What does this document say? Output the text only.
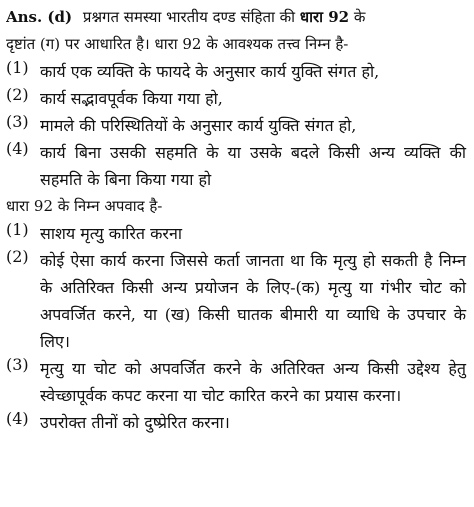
Ans. (d) प्रश्नगत समस्या भारतीय दण्ड संहिता की धारा 92 के
दृष्टांत (ग) पर आधारित है। धारा 92 के आवश्यक तत्त्व निम्न है-
(1) कार्य एक व्यक्ति के फायदे के अनुसार कार्य युक्ति संगत हो,
(2) कार्य सद्भावपूर्वक किया गया हो,
(3) मामले की परिस्थितियों के अनुसार कार्य युक्ति संगत हो,
(4) कार्य बिना उसकी सहमति के या उसके बदले किसी अन्य व्यक्ति की सहमति के बिना किया गया हो
धारा 92 के निम्न अपवाद है-
(1) साशय मृत्यु कारित करना
(2) कोई ऐसा कार्य करना जिससे कर्ता जानता था कि मृत्यु हो सकती है निम्न के अतिरिक्त किसी अन्य प्रयोजन के लिए-(क) मृत्यु या गंभीर चोट को अपवर्जित करने, या (ख) किसी घातक बीमारी या व्याधि के उपचार के लिए।
(3) मृत्यु या चोट को अपवर्जित करने के अतिरिक्त अन्य किसी उद्देश्य हेतु स्वेच्छापूर्वक कपट करना या चोट कारित करने का प्रयास करना।
(4) उपरोक्त तीनों को दुष्प्रेरित करना।
